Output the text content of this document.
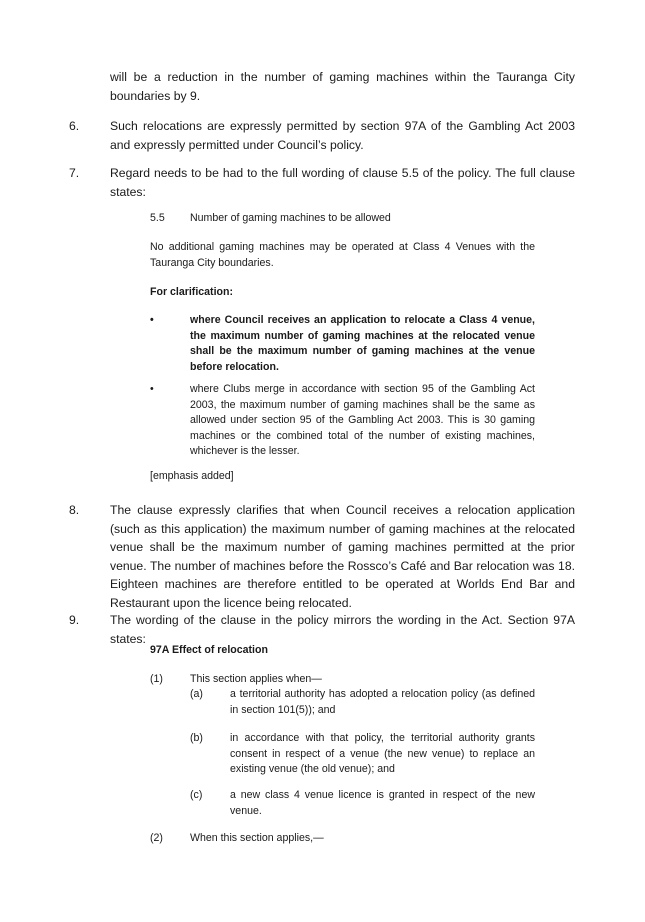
will be a reduction in the number of gaming machines within the Tauranga City boundaries by 9.
6.	Such relocations are expressly permitted by section 97A of the Gambling Act 2003 and expressly permitted under Council’s policy.
7.	Regard needs to be had to the full wording of clause 5.5 of the policy. The full clause states:
5.5 Number of gaming machines to be allowed
No additional gaming machines may be operated at Class 4 Venues with the Tauranga City boundaries.
For clarification:
•	where Council receives an application to relocate a Class 4 venue, the maximum number of gaming machines at the relocated venue shall be the maximum number of gaming machines at the venue before relocation.
•	where Clubs merge in accordance with section 95 of the Gambling Act 2003, the maximum number of gaming machines shall be the same as allowed under section 95 of the Gambling Act 2003. This is 30 gaming machines or the combined total of the number of existing machines, whichever is the lesser.
[emphasis added]
8.	The clause expressly clarifies that when Council receives a relocation application (such as this application) the maximum number of gaming machines at the relocated venue shall be the maximum number of gaming machines permitted at the prior venue. The number of machines before the Rossco’s Café and Bar relocation was 18. Eighteen machines are therefore entitled to be operated at Worlds End Bar and Restaurant upon the licence being relocated.
9.	The wording of the clause in the policy mirrors the wording in the Act. Section 97A states:
97A Effect of relocation
(1)	This section applies when—
(a)	a territorial authority has adopted a relocation policy (as defined in section 101(5)); and
(b)	in accordance with that policy, the territorial authority grants consent in respect of a venue (the new venue) to replace an existing venue (the old venue); and
(c)	a new class 4 venue licence is granted in respect of the new venue.
(2)	When this section applies,—
